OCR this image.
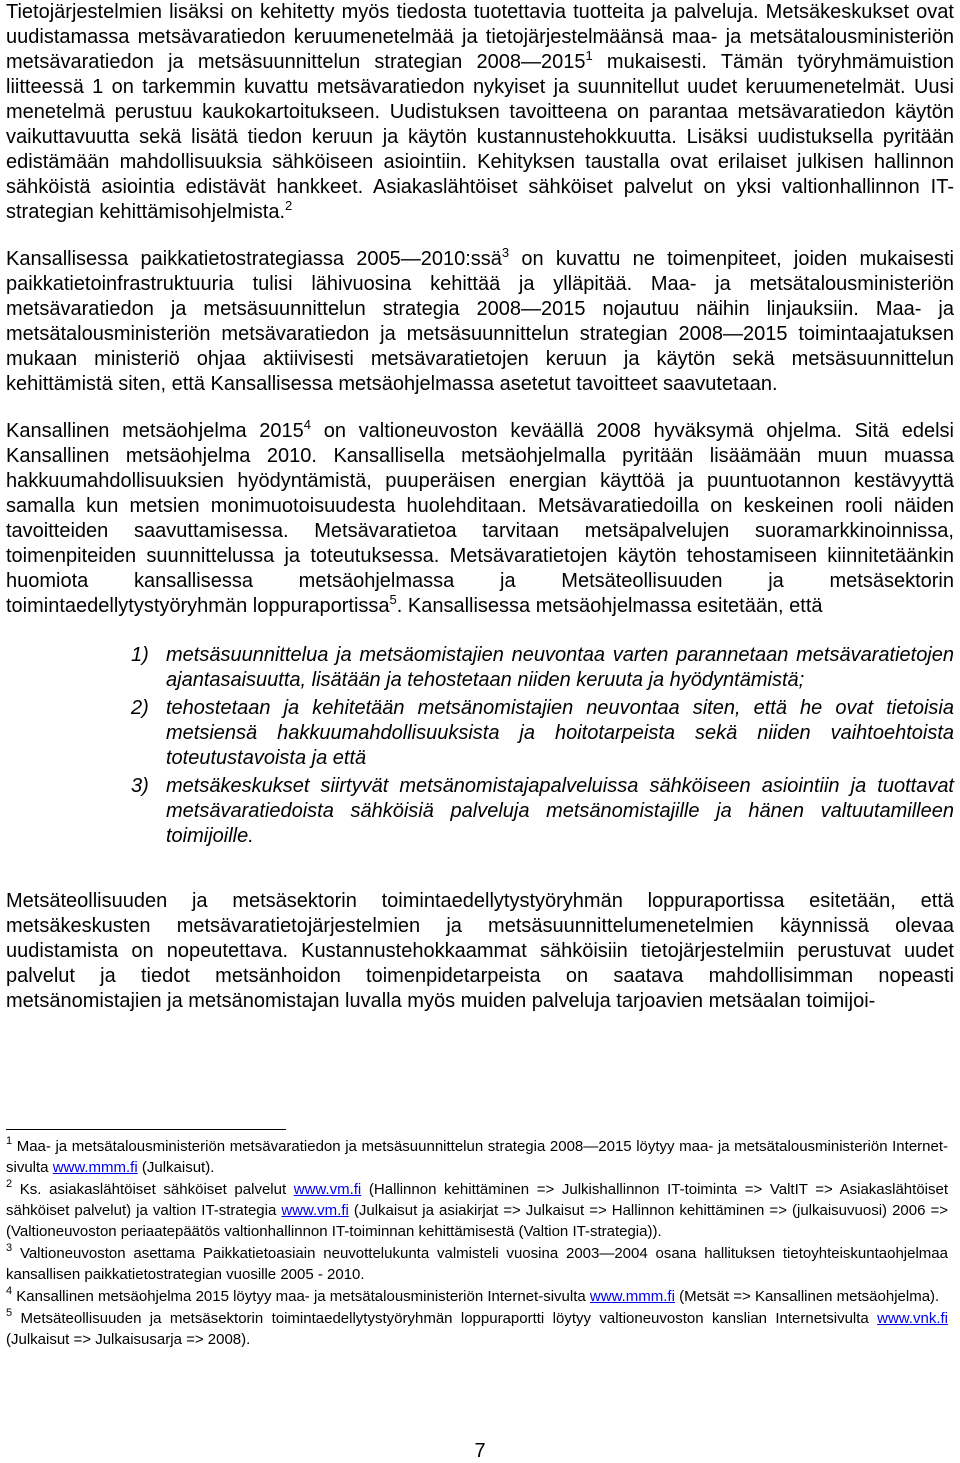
Tietojärjestelmien lisäksi on kehitetty myös tiedosta tuotettavia tuotteita ja palveluja. Metsäkeskukset ovat uudistamassa metsävaratiedon keruumenetelmää ja tietojärjestelmäänsä maa- ja metsätalousministeriön metsävaratiedon ja metsäsuunnittelun strategian 2008―2015$^1$ mukaisesti. Tämän työryhmämuistion liitteessä 1 on tarkemmin kuvattu metsävaratiedon nykyiset ja suunnitellut uudet keruumenetelmät. Uusi menetelmä perustuu kaukokartoitukseen. Uudistuksen tavoitteena on parantaa metsävaratiedon käytön vaikuttavuutta sekä lisätä tiedon keruun ja käytön kustannustehokkuutta. Lisäksi uudistuksella pyritään edistämään mahdollisuuksia sähköiseen asiointiin. Kehityksen taustalla ovat erilaiset julkisen hallinnon sähköistä asiointia edistävät hankkeet. Asiakaslähtöiset sähköiset palvelut on yksi valtionhallinnon IT-strategian kehittämisohjelmista.$^2$

Kansallisessa paikkatietostrategiassa 2005―2010:ssä$^3$ on kuvattu ne toimenpiteet, joiden mukaisesti paikkatietoinfrastruktuuria tulisi lähivuosina kehittää ja ylläpitää. Maa- ja metsätalousministeriön metsävaratiedon ja metsäsuunnittelun strategia 2008―2015 nojautuu näihin linjauksiin. Maa- ja metsätalousministeriön metsävaratiedon ja metsäsuunnittelun strategian 2008―2015 toimintaajatuksen mukaan ministeriö ohjaa aktiivisesti metsävaratietojen keruun ja käytön sekä metsäsuunnittelun kehittämistä siten, että Kansallisessa metsäohjelmassa asetetut tavoitteet saavutetaan.

Kansallinen metsäohjelma 2015$^4$ on valtioneuvoston keväällä 2008 hyväksymä ohjelma. Sitä edelsi Kansallinen metsäohjelma 2010. Kansallisella metsäohjelmalla pyritään lisäämään muun muassa hakkuumahdollisuuksien hyödyntämistä, puuperäisen energian käyttöä ja puuntuotannon kestävyyttä samalla kun metsien monimuotoisuudesta huolehditaan. Metsävaratiedoilla on keskeinen rooli näiden tavoitteiden saavuttamisessa. Metsävaratietoa tarvitaan metsäpalvelujen suoramarkkinoinnissa, toimenpiteiden suunnittelussa ja toteutuksessa. Metsävaratietojen käytön tehostamiseen kiinnitetäänkin huomiota kansallisessa metsäohjelmassa ja Metsäteollisuuden ja metsäsektorin toimintaedellytystyöryhmän loppuraportissa$^5$. Kansallisessa metsäohjelmassa esitetään, että

1) metsäsuunnittelua ja metsäomistajien neuvontaa varten parannetaan metsävaratietojen ajantasaisuutta, lisätään ja tehostetaan niiden keruuta ja hyödyntämistä;
2) tehostetaan ja kehitetään metsänomistajien neuvontaa siten, että he ovat tietoisia metsiensä hakkuumahdollisuuksista ja hoitotarpeista sekä niiden vaihtoehtoista toteutustavoista ja että
3) metsäkeskukset siirtyvät metsänomistajapalveluissa sähköiseen asiointiin ja tuottavat metsävaratiedoista sähköisiä palveluja metsänomistajille ja hänen valtuutamilleen toimijoille.

Metsäteollisuuden ja metsäsektorin toimintaedellytystyöryhmän loppuraportissa esitetään, että metsäkeskusten metsävaratietojärjestelmien ja metsäsuunnittelumenetelmien käynnissä olevaa uudistamista on nopeutettava. Kustannustehokkaammat sähköisiin tietojärjestelmiin perustuvat uudet palvelut ja tiedot metsänhoidon toimenpidetarpeista on saatava mahdollisimman nopeasti metsänomistajien ja metsänomistajan luvalla myös muiden palveluja tarjoavien metsäalan toimijoi-

$^1$ Maa- ja metsätalousministeriön metsävaratiedon ja metsäsuunnittelun strategia 2008―2015 löytyy maa- ja metsätalousministeriön Internet-sivulta www.mmm.fi (Julkaisut).

$^2$ Ks. asiakaslähtöiset sähköiset palvelut www.vm.fi (Hallinnon kehittäminen => Julkishallinnon IT-toiminta => ValtIT => Asiakaslähtöiset sähköiset palvelut) ja valtion IT-strategia www.vm.fi (Julkaisut ja asiakirjat => Julkaisut => Hallinnon kehittäminen => (julkaisuvuosi) 2006 => (Valtioneuvoston periaatepäätös valtionhallinnon IT-toiminnan kehittämisestä (Valtion IT-strategia)).

$^3$ Valtioneuvoston asettama Paikkatietoasiain neuvottelukunta valmisteli vuosina 2003―2004 osana hallituksen tietoyhteiskuntaohjelmaa kansallisen paikkatietostrategian vuosille 2005 - 2010.

$^4$ Kansallinen metsäohjelma 2015 löytyy maa- ja metsätalousministeriön Internet-sivulta www.mmm.fi (Metsät => Kansallinen metsäohjelma).

$^5$ Metsäteollisuuden ja metsäsektorin toimintaedellytystyöryhmän loppuraportti löytyy valtioneuvoston kanslian Internetsivulta www.vnk.fi (Julkaisut => Julkaisusarja => 2008).

7
